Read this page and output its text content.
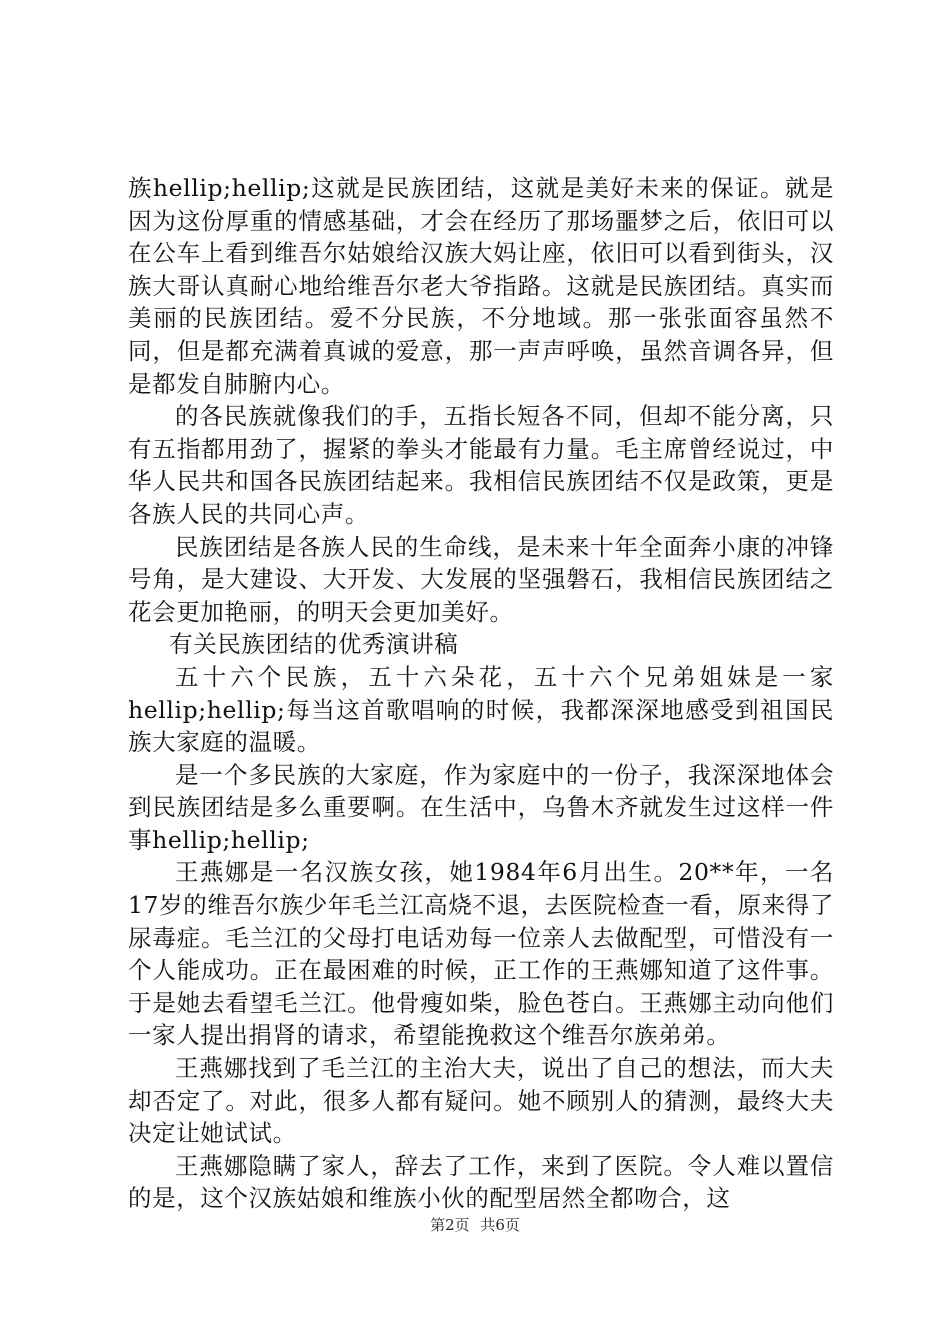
族hellip;hellip;这就是民族团结，这就是美好未来的保证。就是因为这份厚重的情感基础，才会在经历了那场噩梦之后，依旧可以在公车上看到维吾尔姑娘给汉族大妈让座，依旧可以看到街头，汉族大哥认真耐心地给维吾尔老大爷指路。这就是民族团结。真实而美丽的民族团结。爱不分民族，不分地域。那一张张面容虽然不同，但是都充满着真诚的爱意，那一声声呼唤，虽然音调各异，但是都发自肺腑内心。

的各民族就像我们的手，五指长短各不同，但却不能分离，只有五指都用劲了，握紧的拳头才能最有力量。毛主席曾经说过，中华人民共和国各民族团结起来。我相信民族团结不仅是政策，更是各族人民的共同心声。

民族团结是各族人民的生命线，是未来十年全面奔小康的冲锋号角，是大建设、大开发、大发展的坚强磐石，我相信民族团结之花会更加艳丽，的明天会更加美好。

有关民族团结的优秀演讲稿

五十六个民族，五十六朵花，五十六个兄弟姐妹是一家hellip;hellip;每当这首歌唱响的时候，我都深深地感受到祖国民族大家庭的温暖。

是一个多民族的大家庭，作为家庭中的一份子，我深深地体会到民族团结是多么重要啊。在生活中，乌鲁木齐就发生过这样一件事hellip;hellip;

王燕娜是一名汉族女孩，她1984年6月出生。20**年，一名17岁的维吾尔族少年毛兰江高烧不退，去医院检查一看，原来得了尿毒症。毛兰江的父母打电话劝每一位亲人去做配型，可惜没有一个人能成功。正在最困难的时候，正工作的王燕娜知道了这件事。于是她去看望毛兰江。他骨瘦如柴，脸色苍白。王燕娜主动向他们一家人提出捐肾的请求，希望能挽救这个维吾尔族弟弟。

王燕娜找到了毛兰江的主治大夫，说出了自己的想法，而大夫却否定了。对此，很多人都有疑问。她不顾别人的猜测，最终大夫决定让她试试。

王燕娜隐瞒了家人，辞去了工作，来到了医院。令人难以置信的是，这个汉族姑娘和维族小伙的配型居然全都吻合，这

第2页 共6页
